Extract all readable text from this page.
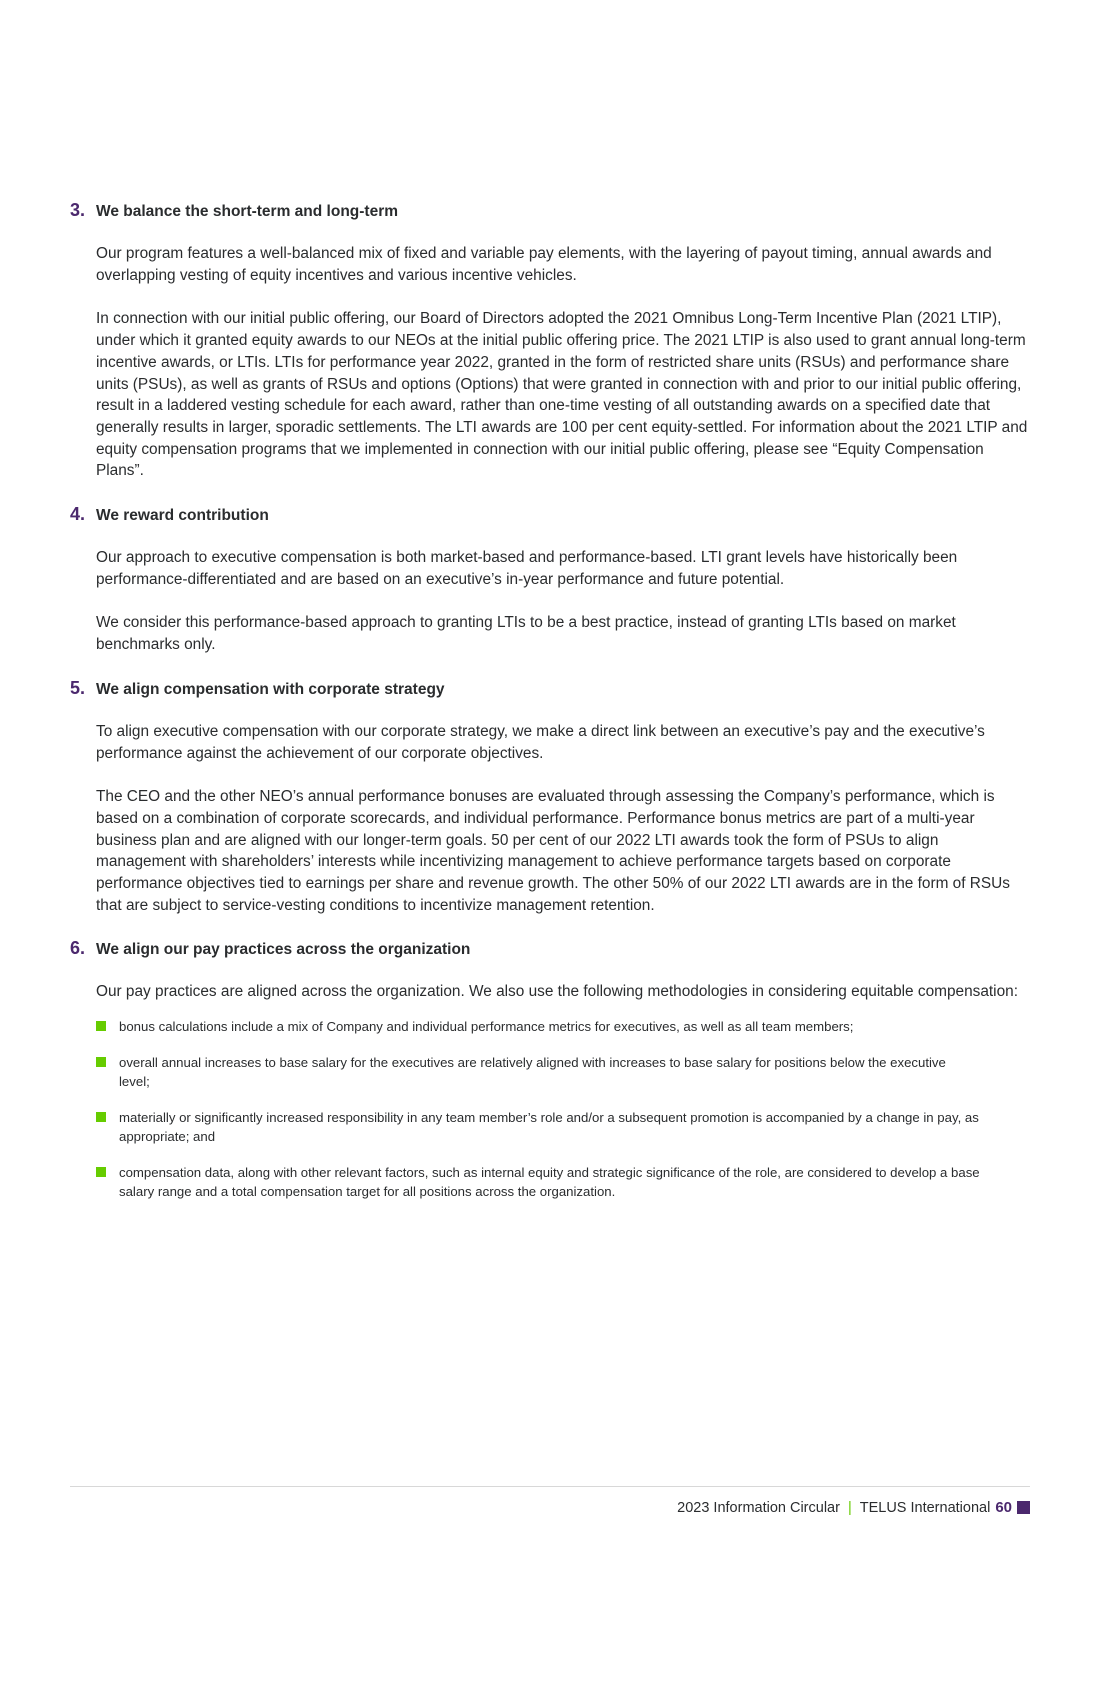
3. We balance the short-term and long-term

Our program features a well-balanced mix of fixed and variable pay elements, with the layering of payout timing, annual awards and overlapping vesting of equity incentives and various incentive vehicles.

In connection with our initial public offering, our Board of Directors adopted the 2021 Omnibus Long-Term Incentive Plan (2021 LTIP), under which it granted equity awards to our NEOs at the initial public offering price. The 2021 LTIP is also used to grant annual long-term incentive awards, or LTIs. LTIs for performance year 2022, granted in the form of restricted share units (RSUs) and performance share units (PSUs), as well as grants of RSUs and options (Options) that were granted in connection with and prior to our initial public offering, result in a laddered vesting schedule for each award, rather than one-time vesting of all outstanding awards on a specified date that generally results in larger, sporadic settlements. The LTI awards are 100 per cent equity-settled. For information about the 2021 LTIP and equity compensation programs that we implemented in connection with our initial public offering, please see “Equity Compensation Plans”.

4. We reward contribution

Our approach to executive compensation is both market-based and performance-based. LTI grant levels have historically been performance-differentiated and are based on an executive’s in-year performance and future potential.

We consider this performance-based approach to granting LTIs to be a best practice, instead of granting LTIs based on market benchmarks only.

5. We align compensation with corporate strategy

To align executive compensation with our corporate strategy, we make a direct link between an executive’s pay and the executive’s performance against the achievement of our corporate objectives.

The CEO and the other NEO’s annual performance bonuses are evaluated through assessing the Company’s performance, which is based on a combination of corporate scorecards, and individual performance. Performance bonus metrics are part of a multi-year business plan and are aligned with our longer-term goals. 50 per cent of our 2022 LTI awards took the form of PSUs to align management with shareholders’ interests while incentivizing management to achieve performance targets based on corporate performance objectives tied to earnings per share and revenue growth. The other 50% of our 2022 LTI awards are in the form of RSUs that are subject to service-vesting conditions to incentivize management retention.

6. We align our pay practices across the organization

Our pay practices are aligned across the organization. We also use the following methodologies in considering equitable compensation:

bonus calculations include a mix of Company and individual performance metrics for executives, as well as all team members;
overall annual increases to base salary for the executives are relatively aligned with increases to base salary for positions below the executive level;
materially or significantly increased responsibility in any team member’s role and/or a subsequent promotion is accompanied by a change in pay, as appropriate; and
compensation data, along with other relevant factors, such as internal equity and strategic significance of the role, are considered to develop a base salary range and a total compensation target for all positions across the organization.
2023 Information Circular | TELUS International 60
